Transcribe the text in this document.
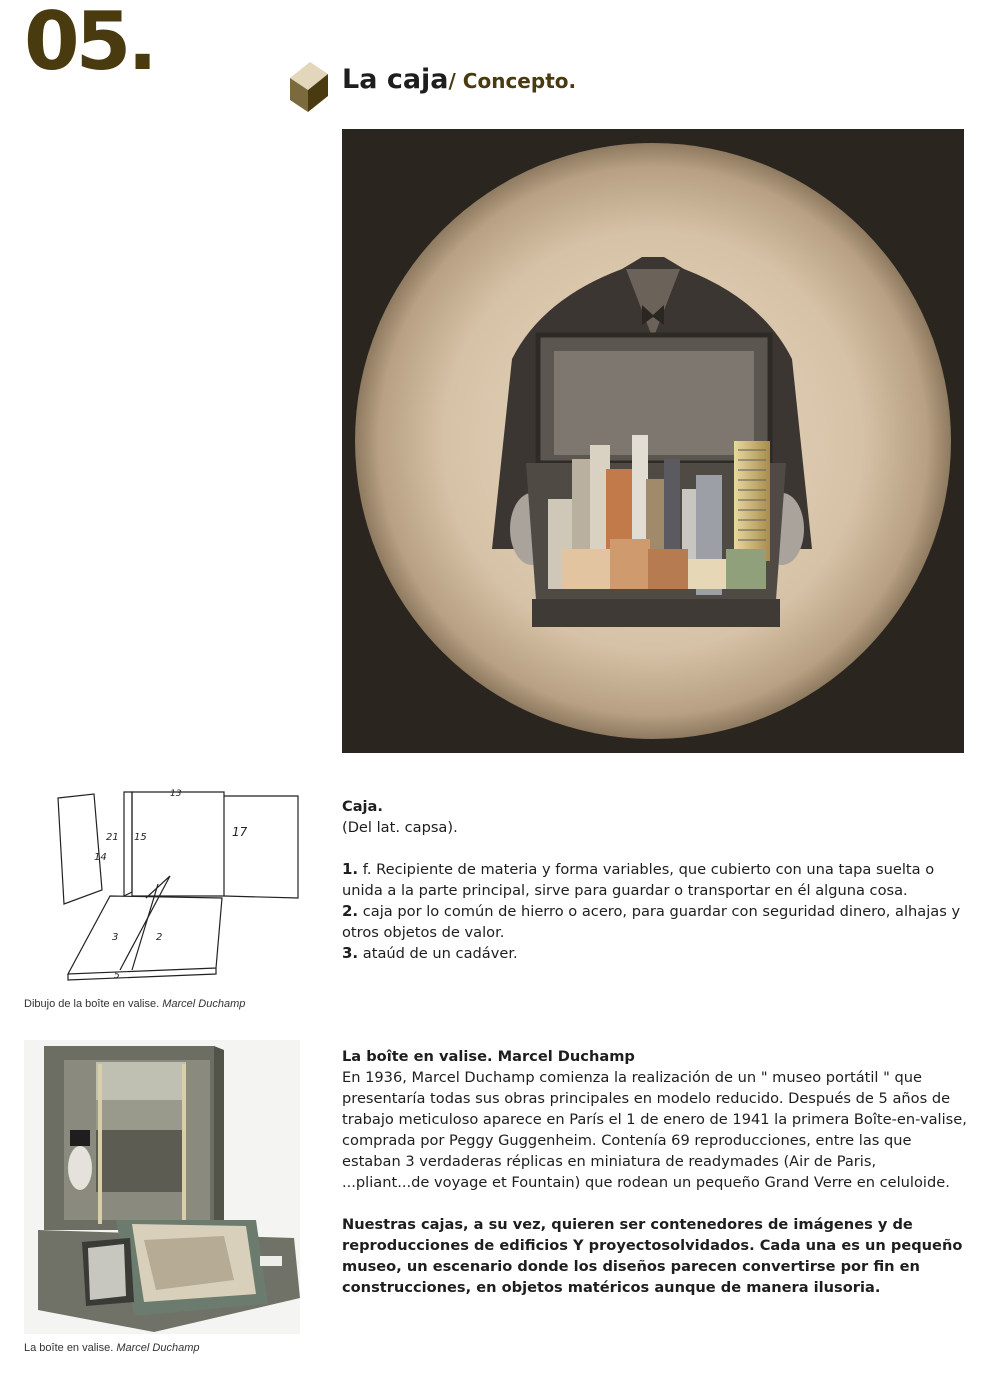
05.	La caja/ Concepto.
14
15	17
13
21
2
3
5
Dibujo de la boîte en valise. Marcel Duchamp
La boîte en valise. Marcel Duchamp

Caja.

(Del lat. capsa).

1. f. Recipiente de materia y forma variables, que cubierto con una tapa suelta o unida a la parte principal, sirve para guardar o transportar en él alguna cosa.

2. caja por lo común de hierro o acero, para guardar con seguridad dinero, alhajas y otros objetos de valor.

3. ataúd de un cadáver.

La boîte en valise. Marcel Duchamp

En 1936, Marcel Duchamp comienza la realización de un " museo portátil " que presentaría todas sus obras principales en modelo reducido. Después de 5 años de trabajo meticuloso aparece en París el 1 de enero de 1941 la primera Boîte-en-valise, comprada por Peggy Guggenheim. Contenía 69 reproducciones, entre las que estaban 3 verdaderas réplicas en miniatura de readymades (Air de Paris, ...pliant...de voyage et Fountain) que rodean un pequeño Grand Verre en celuloide.

Nuestras cajas, a su vez, quieren ser contenedores de imágenes y de reproducciones de edificios Y proyectosolvidados. Cada una es un pequeño museo, un escenario donde los diseños parecen convertirse por fin en construcciones, en objetos matéricos aunque de manera ilusoria.
